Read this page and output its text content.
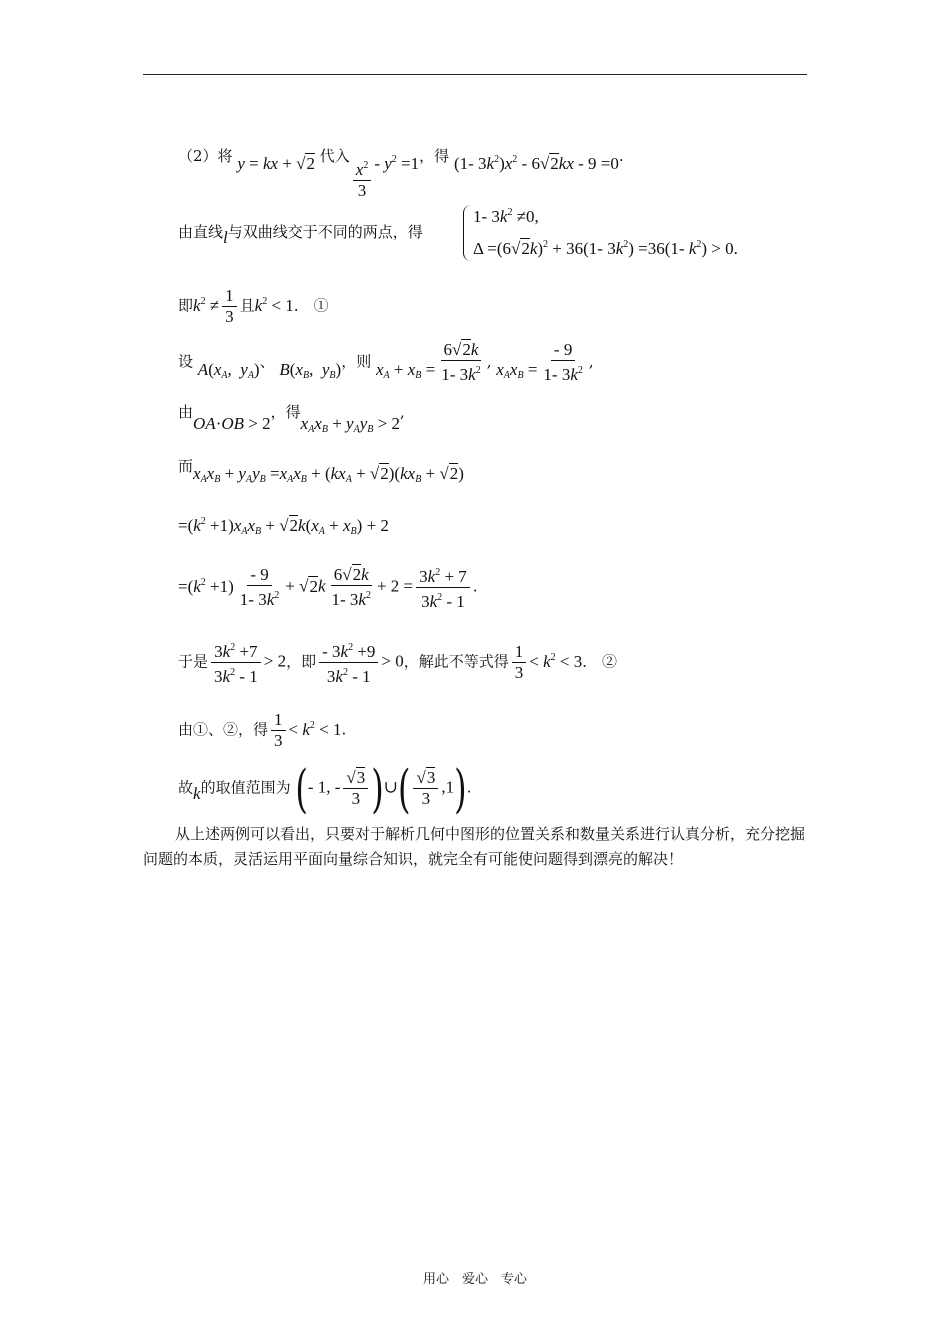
（2）将 y = kx + √2 代入 $\frac{x^2}{3} - y^2 =1$，得 (1- $3k^2)x^2 - 6√2kx - 9 =0$.
由直线l与双曲线交于不同的两点，得
1- $3k^2 \ne 0$,
$\Delta =(6√2k)^2 + 36(1-$ $3k^2) =36(1-$ $k^2) > 0$.
即$k^2 \ne \frac{1}{3}$ 且$k^2 < 1$． ①
设 $A(x_A$,  $y_A$)、 $B(x_B$,  $y_B$)，则 $x_A + x_B = \frac{6√2k}{1- 3k^2}$ , $x_Ax_B = \frac{- 9}{1- 3k^2}$ ,
由OA·OB > 2，得$x_Ax_B + y_Ay_B > 2$,
而$x_Ax_B + y_Ay_B =x_Ax_B + (kx_A + √2)(kx_B + √2)$
$=(k^2 +1)x_Ax_B + √2k(x_A + x_B) + 2$
$=(k^2 +1) \frac{- 9}{1- 3k^2} + √2k \frac{6√2k}{1- 3k^2} + 2 = \frac{3k^2 + 7}{3k^2 - 1}$ .
于是 $\frac{3k^2 +7}{3k^2 - 1} > 2$，即 $\frac{- 3k^2 +9}{3k^2 - 1} > 0$，解此不等式得 $\frac{1}{3} < k^2 < 3$． ②
由①、②，得 $\frac{1}{3} < k^2 < 1$.
故k的取值范围为 (- 1, - $\frac{√3}{3}$ )∪( $\frac{√3}{3} ,1$).
从上述两例可以看出，只要对于解析几何中图形的位置关系和数量关系进行认真分析，充分挖掘问题的本质，灵活运用平面向量综合知识，就完全有可能使问题得到漂亮的解决！
用心　爱心　专心
